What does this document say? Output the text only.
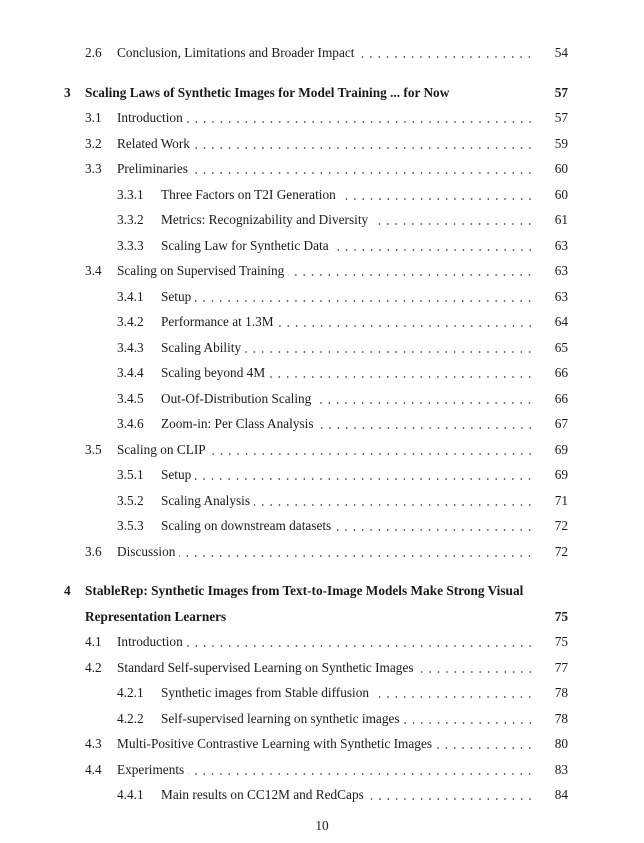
2.6 Conclusion, Limitations and Broader Impact	54
3 Scaling Laws of Synthetic Images for Model Training ... for Now	57
3.1 Introduction	57
3.2 Related Work	59
3.3 Preliminaries	60
3.3.1 Three Factors on T2I Generation	60
3.3.2 Metrics: Recognizability and Diversity	61
3.3.3 Scaling Law for Synthetic Data	63
3.4 Scaling on Supervised Training	63
3.4.1 Setup	63
3.4.2 Performance at 1.3M	64
3.4.3 Scaling Ability	65
3.4.4 Scaling beyond 4M	66
3.4.5 Out-Of-Distribution Scaling	66
3.4.6 Zoom-in: Per Class Analysis	67
3.5 Scaling on CLIP	69
3.5.1 Setup	69
3.5.2 Scaling Analysis	71
3.5.3 Scaling on downstream datasets	72
3.6 Discussion	72
4 StableRep: Synthetic Images from Text-to-Image Models Make Strong Visual
Representation Learners	75
4.1 Introduction	75
4.2 Standard Self-supervised Learning on Synthetic Images	77
4.2.1 Synthetic images from Stable diffusion	78
4.2.2 Self-supervised learning on synthetic images	78
4.3 Multi-Positive Contrastive Learning with Synthetic Images	80
4.4 Experiments	83
4.4.1 Main results on CC12M and RedCaps	84
10
